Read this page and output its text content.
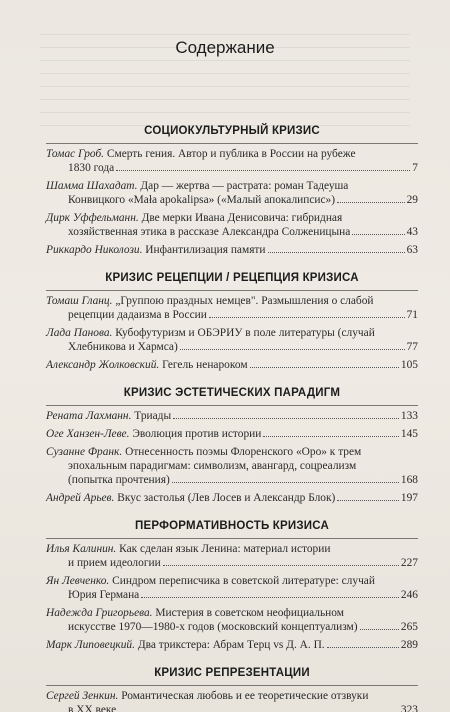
Содержание
СОЦИОКУЛЬТУРНЫЙ КРИЗИС
Томас Гроб. Смерть гения. Автор и публика в России на рубеже
1830 года	7
Шамма Шахадат. Дар — жертва — растрата: роман Тадеуша
Конвицкого «Mała apokalipsa» («Малый апокалипсис»)	29
Дирк Уффельманн. Две мерки Ивана Денисовича: гибридная
хозяйственная этика в рассказе Александра Солженицына	43
Риккардо Николози. Инфантилизация памяти	63
КРИЗИС РЕЦЕПЦИИ / РЕЦЕПЦИЯ КРИЗИСА
Томаш Гланц. „Группою праздных немцев". Размышления о слабой
рецепции дадаизма в России	71
Лада Панова. Кубофутуризм и ОБЭРИУ в поле литературы (случай
Хлебникова и Хармса)	77
Александр Жолковский. Гегель ненароком	105
КРИЗИС ЭСТЕТИЧЕСКИХ ПАРАДИГМ
Рената Лахманн. Триады	133
Оге Ханзен-Леве. Эволюция против истории	145
Сузанне Франк. Отнесенность поэмы Флоренского «Оро» к трем
эпохальным парадигмам: символизм, авангард, соцреализм
(попытка прочтения)	168
Андрей Арьев. Вкус застолья (Лев Лосев и Александр Блок)	197
ПЕРФОРМАТИВНОСТЬ КРИЗИСА
Илья Калинин. Как сделан язык Ленина: материал истории
и прием идеологии	227
Ян Левченко. Синдром переписчика в советской литературе: случай
Юрия Германа	246
Надежда Григорьева. Мистерия в советском неофициальном
искусстве 1970—1980-х годов (московский концептуализм)	265
Марк Липовецкий. Два трикстера: Абрам Терц vs Д. А. П.	289
КРИЗИС РЕПРЕЗЕНТАЦИИ
Сергей Зенкин. Романтическая любовь и ее теоретические отзвуки
в XX веке	323
